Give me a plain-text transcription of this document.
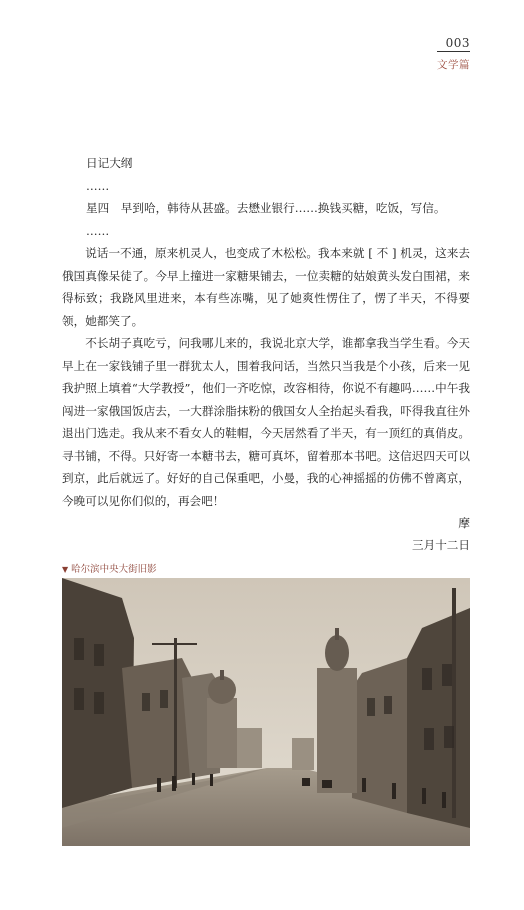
003
文学篇

日记大纲

……

星四　早到哈，韩待从甚盛。去懋业银行……换钱买糖，吃饭，写信。

……

说话一不通，原来机灵人，也变成了木松松。我本来就 [ 不 ] 机灵，这来去俄国真像呆徒了。今早上撞进一家糖果铺去，一位卖糖的姑娘黄头发白围裙，来得标致；我跷风里进来，本有些冻嘴，见了她爽性愣住了，愣了半天，不得要领，她都笑了。

不长胡子真吃亏，问我哪儿来的，我说北京大学，谁都拿我当学生看。今天早上在一家钱铺子里一群犹太人，围着我问话，当然只当我是个小孩，后来一见我护照上填着“大学教授”，他们一齐吃惊，改容相待，你说不有趣吗……中午我闯进一家俄国饭店去，一大群涂脂抹粉的俄国女人全抬起头看我，吓得我直往外退出门选走。我从来不看女人的鞋帽，今天居然看了半天，有一顶红的真俏皮。寻书铺，不得。只好寄一本糖书去，糖可真坏，留着那本书吧。这信迟四天可以到京，此后就远了。好好的自己保重吧，小曼，我的心神摇摇的仿佛不曾离京，今晚可以见你们似的，再会吧！

摩
三月十二日
▼ 哈尔滨中央大街旧影
